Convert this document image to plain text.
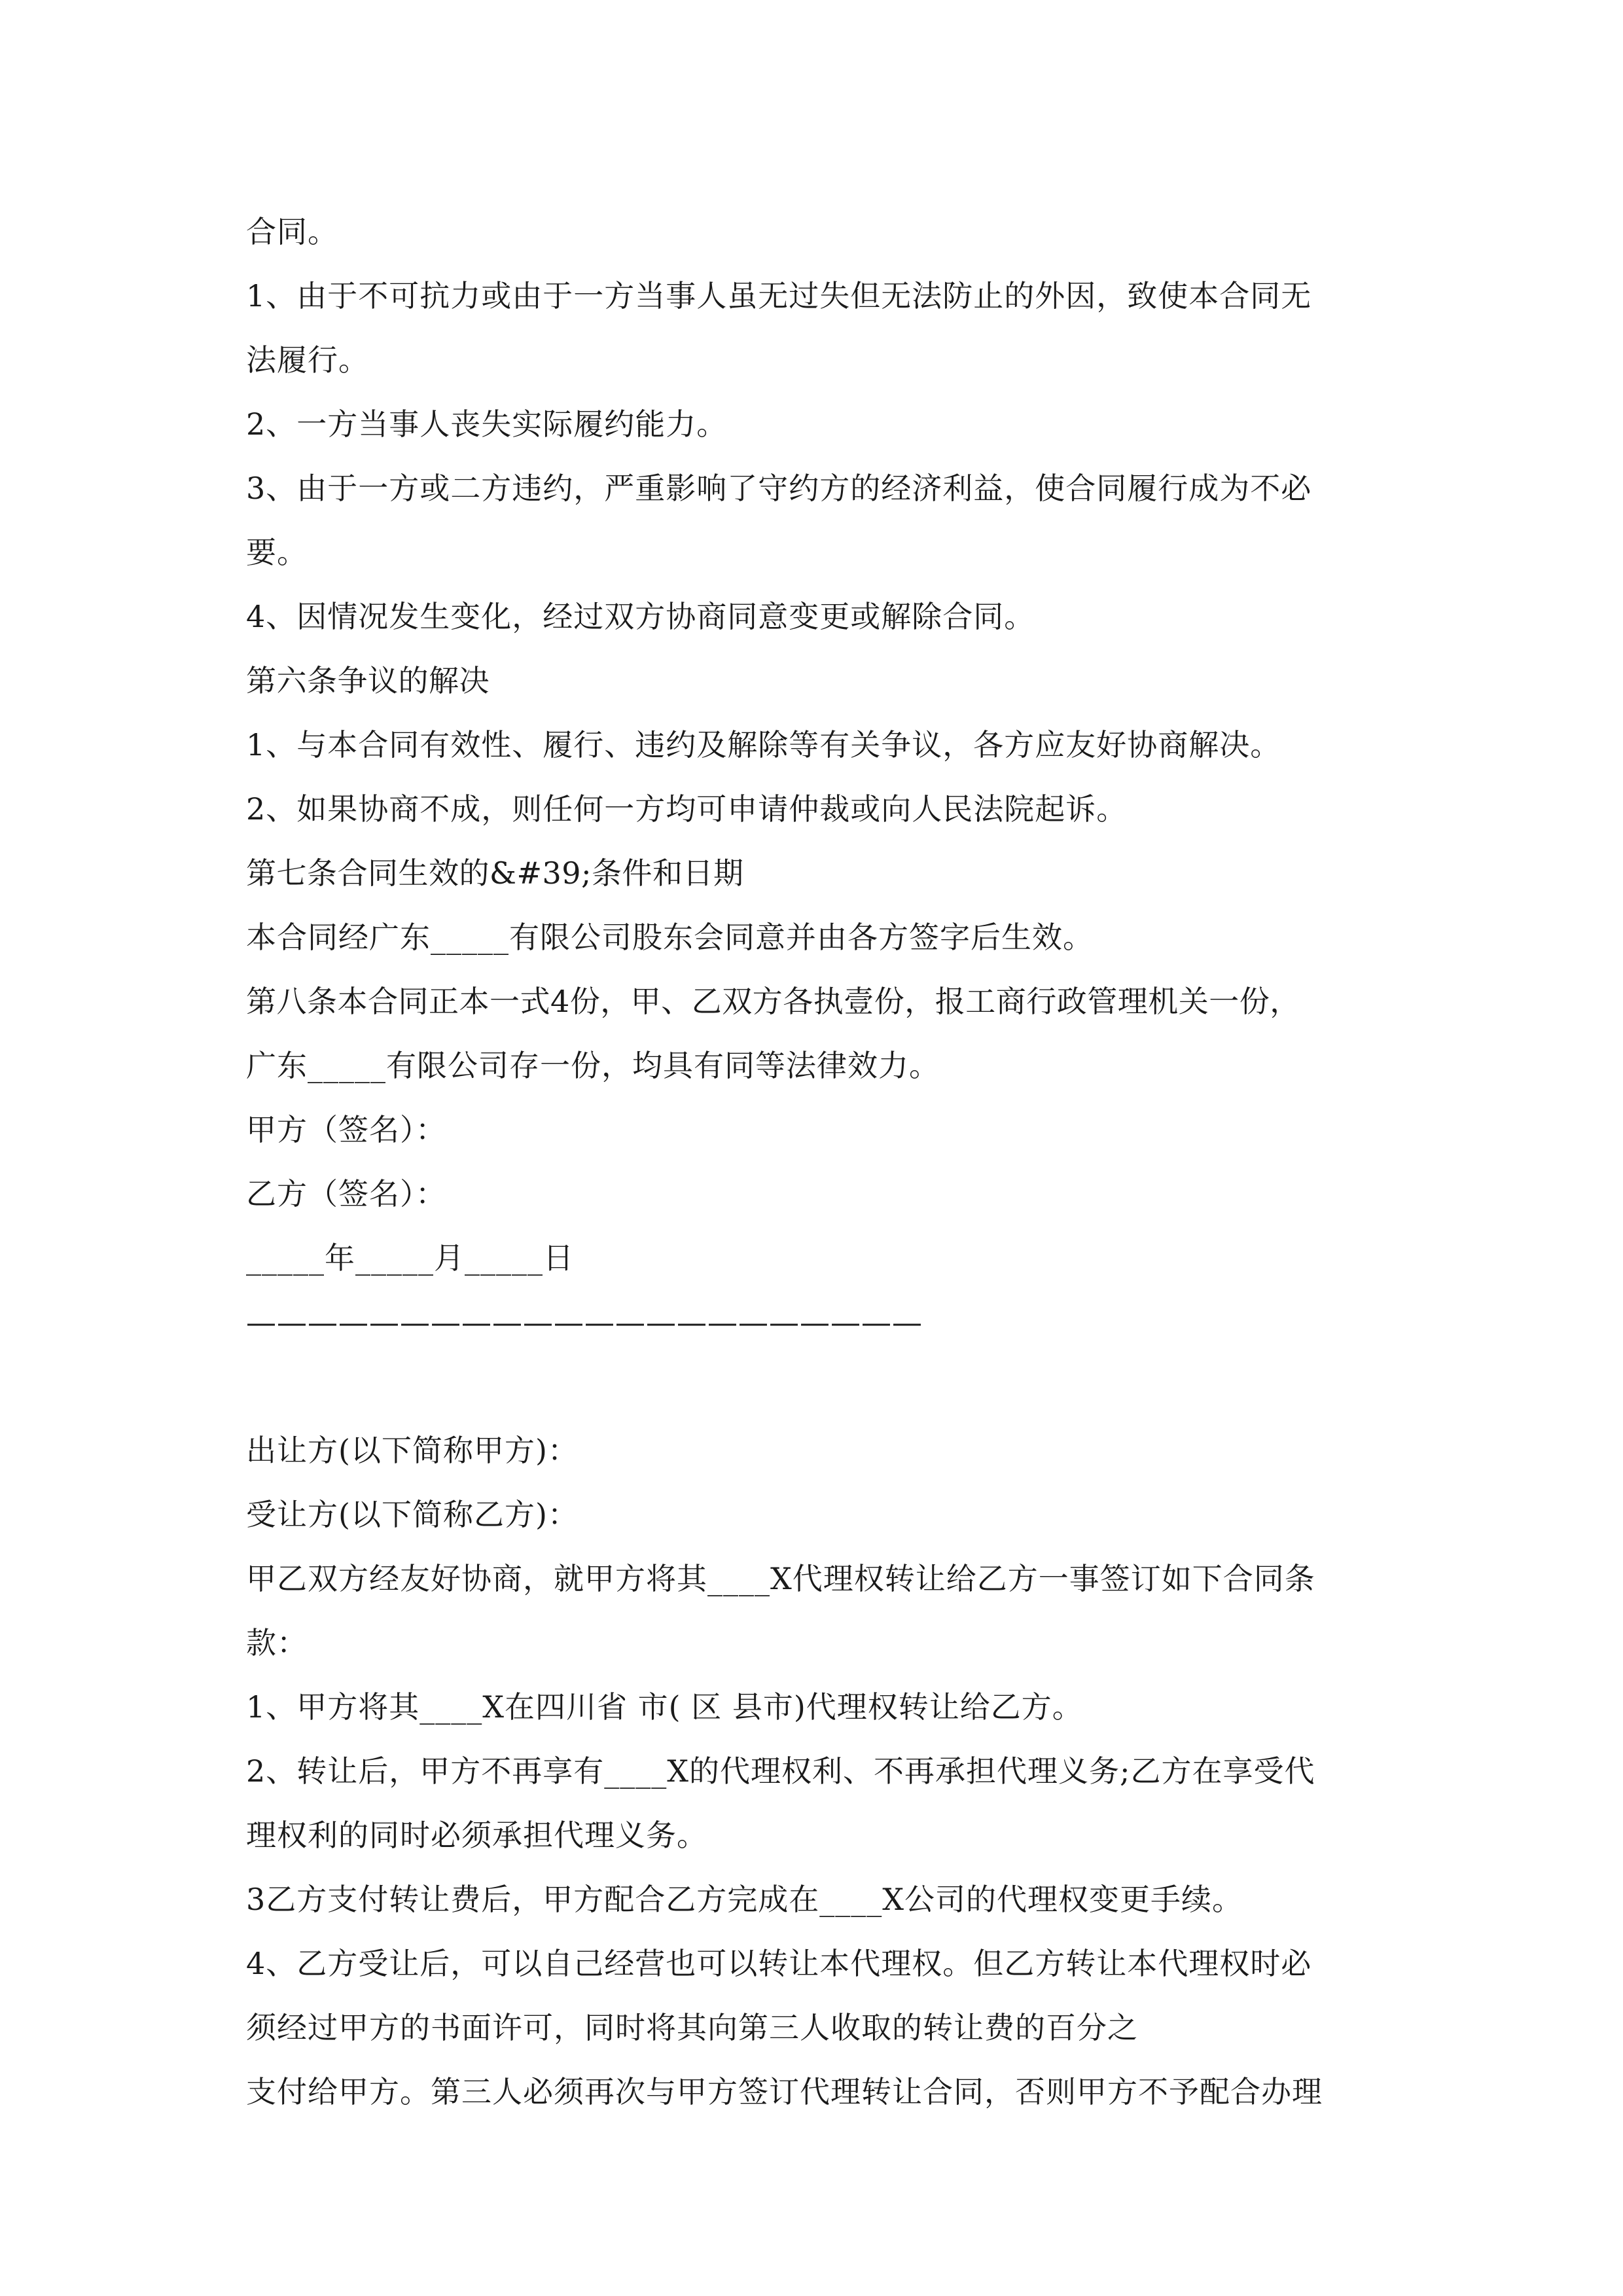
合同。
1、由于不可抗力或由于一方当事人虽无过失但无法防止的外因，致使本合同无
法履行。
2、一方当事人丧失实际履约能力。
3、由于一方或二方违约，严重影响了守约方的经济利益，使合同履行成为不必
要。
4、因情况发生变化，经过双方协商同意变更或解除合同。
第六条争议的解决
1、与本合同有效性、履行、违约及解除等有关争议，各方应友好协商解决。
2、如果协商不成，则任何一方均可申请仲裁或向人民法院起诉。
第七条合同生效的&#39;条件和日期
本合同经广东_____有限公司股东会同意并由各方签字后生效。
第八条本合同正本一式4份，甲、乙双方各执壹份，报工商行政管理机关一份，
广东_____有限公司存一份，均具有同等法律效力。
甲方（签名）：
乙方（签名）：
_____年_____月_____日
——————————————————————
出让方(以下简称甲方)：
受让方(以下简称乙方)：
甲乙双方经友好协商，就甲方将其____X代理权转让给乙方一事签订如下合同条
款：
1、甲方将其____X在四川省 市( 区 县市)代理权转让给乙方。
2、转让后，甲方不再享有____X的代理权利、不再承担代理义务;乙方在享受代
理权利的同时必须承担代理义务。
3乙方支付转让费后，甲方配合乙方完成在____X公司的代理权变更手续。
4、乙方受让后，可以自己经营也可以转让本代理权。但乙方转让本代理权时必
须经过甲方的书面许可，同时将其向第三人收取的转让费的百分之
支付给甲方。第三人必须再次与甲方签订代理转让合同，否则甲方不予配合办理
